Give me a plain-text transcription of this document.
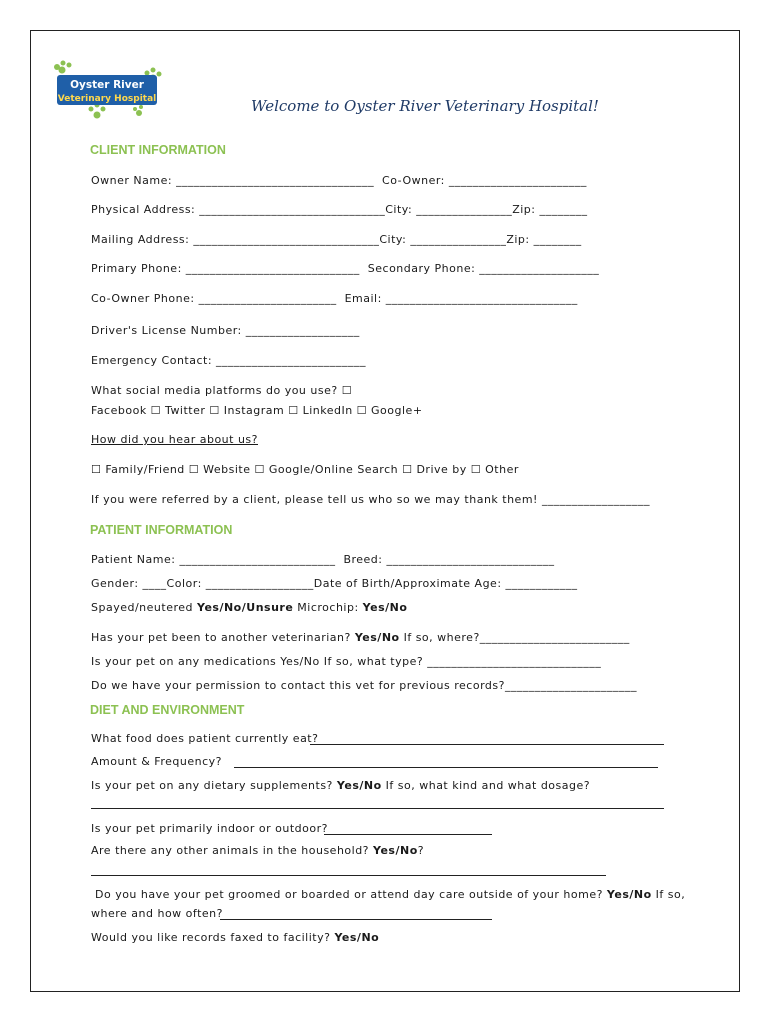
Oyster River
Veterinary Hospital	Welcome to Oyster River Veterinary Hospital!
CLIENT INFORMATION
Owner Name: _________________________________  Co-Owner: _______________________
Physical Address: _______________________________City: ________________Zip: ________
Mailing Address: _______________________________City: ________________Zip: ________
Primary Phone: _____________________________  Secondary Phone: ____________________
Co-Owner Phone: _______________________  Email: ________________________________
Driver's License Number: ___________________
Emergency Contact: _________________________
What social media platforms do you use? ☐
Facebook ☐ Twitter ☐ Instagram ☐ LinkedIn ☐ Google+
How did you hear about us?
☐ Family/Friend ☐ Website ☐ Google/Online Search ☐ Drive by ☐ Other
If you were referred by a client, please tell us who so we may thank them! __________________
PATIENT INFORMATION
Patient Name: __________________________  Breed: ____________________________
Gender: ____Color: __________________Date of Birth/Approximate Age: ____________
Spayed/neutered Yes/No/Unsure Microchip: Yes/No
Has your pet been to another veterinarian? Yes/No If so, where?_________________________
Is your pet on any medications Yes/No If so, what type? _____________________________
Do we have your permission to contact this vet for previous records?______________________
DIET AND ENVIRONMENT
What food does patient currently eat?
Amount & Frequency?
Is your pet on any dietary supplements? Yes/No If so, what kind and what dosage?
Is your pet primarily indoor or outdoor?
Are there any other animals in the household? Yes/No?
Do you have your pet groomed or boarded or attend day care outside of your home? Yes/No If so,
where and how often?
Would you like records faxed to facility? Yes/No
